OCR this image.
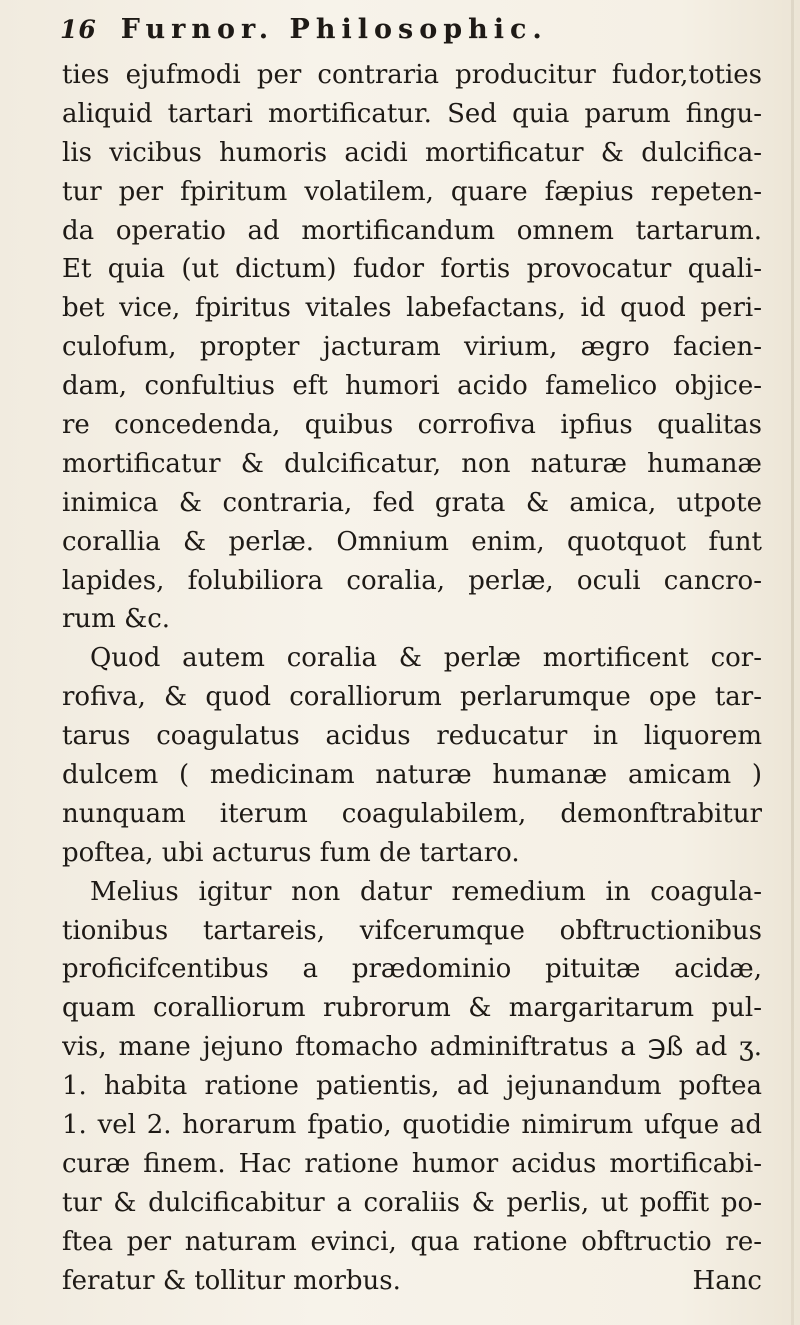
16 Furnor. Philosophic.
ties ejufmodi per contraria producitur fudor,toties
aliquid tartari mortificatur. Sed quia parum fingu-
lis vicibus humoris acidi mortificatur & dulcifica-
tur per fpiritum volatilem, quare fæpius repeten-
da operatio ad mortificandum omnem tartarum.
Et quia (ut dictum) fudor fortis provocatur quali-
bet vice, fpiritus vitales labefactans, id quod peri-
culofum, propter jacturam virium, ægro facien-
dam, confultius eft humori acido famelico objice-
re concedenda, quibus corrofiva ipfius qualitas
mortificatur & dulcificatur, non naturæ humanæ
inimica & contraria, fed grata & amica, utpote
corallia & perlæ. Omnium enim, quotquot funt
lapides, folubiliora coralia, perlæ, oculi cancro-
rum &c.
Quod autem coralia & perlæ mortificent cor-
rofiva, & quod coralliorum perlarumque ope tar-
tarus coagulatus acidus reducatur in liquorem
dulcem ( medicinam naturæ humanæ amicam )
nunquam iterum coagulabilem, demonftrabitur
poftea, ubi acturus fum de tartaro.
Melius igitur non datur remedium in coagula-
tionibus tartareis, vifcerumque obftructionibus
proficifcentibus a prædominio pituitæ acidæ,
quam coralliorum rubrorum & margaritarum pul-
vis, mane jejuno ftomacho adminiftratus a ℈ß ad ʒ.
1. habita ratione patientis, ad jejunandum poftea
1. vel 2. horarum fpatio, quotidie nimirum ufque ad
curæ finem. Hac ratione humor acidus mortificabi-
tur & dulcificabitur a coraliis & perlis, ut poffit po-
ftea per naturam evinci, qua ratione obftructio re-
feratur & tollitur morbus.	Hanc
